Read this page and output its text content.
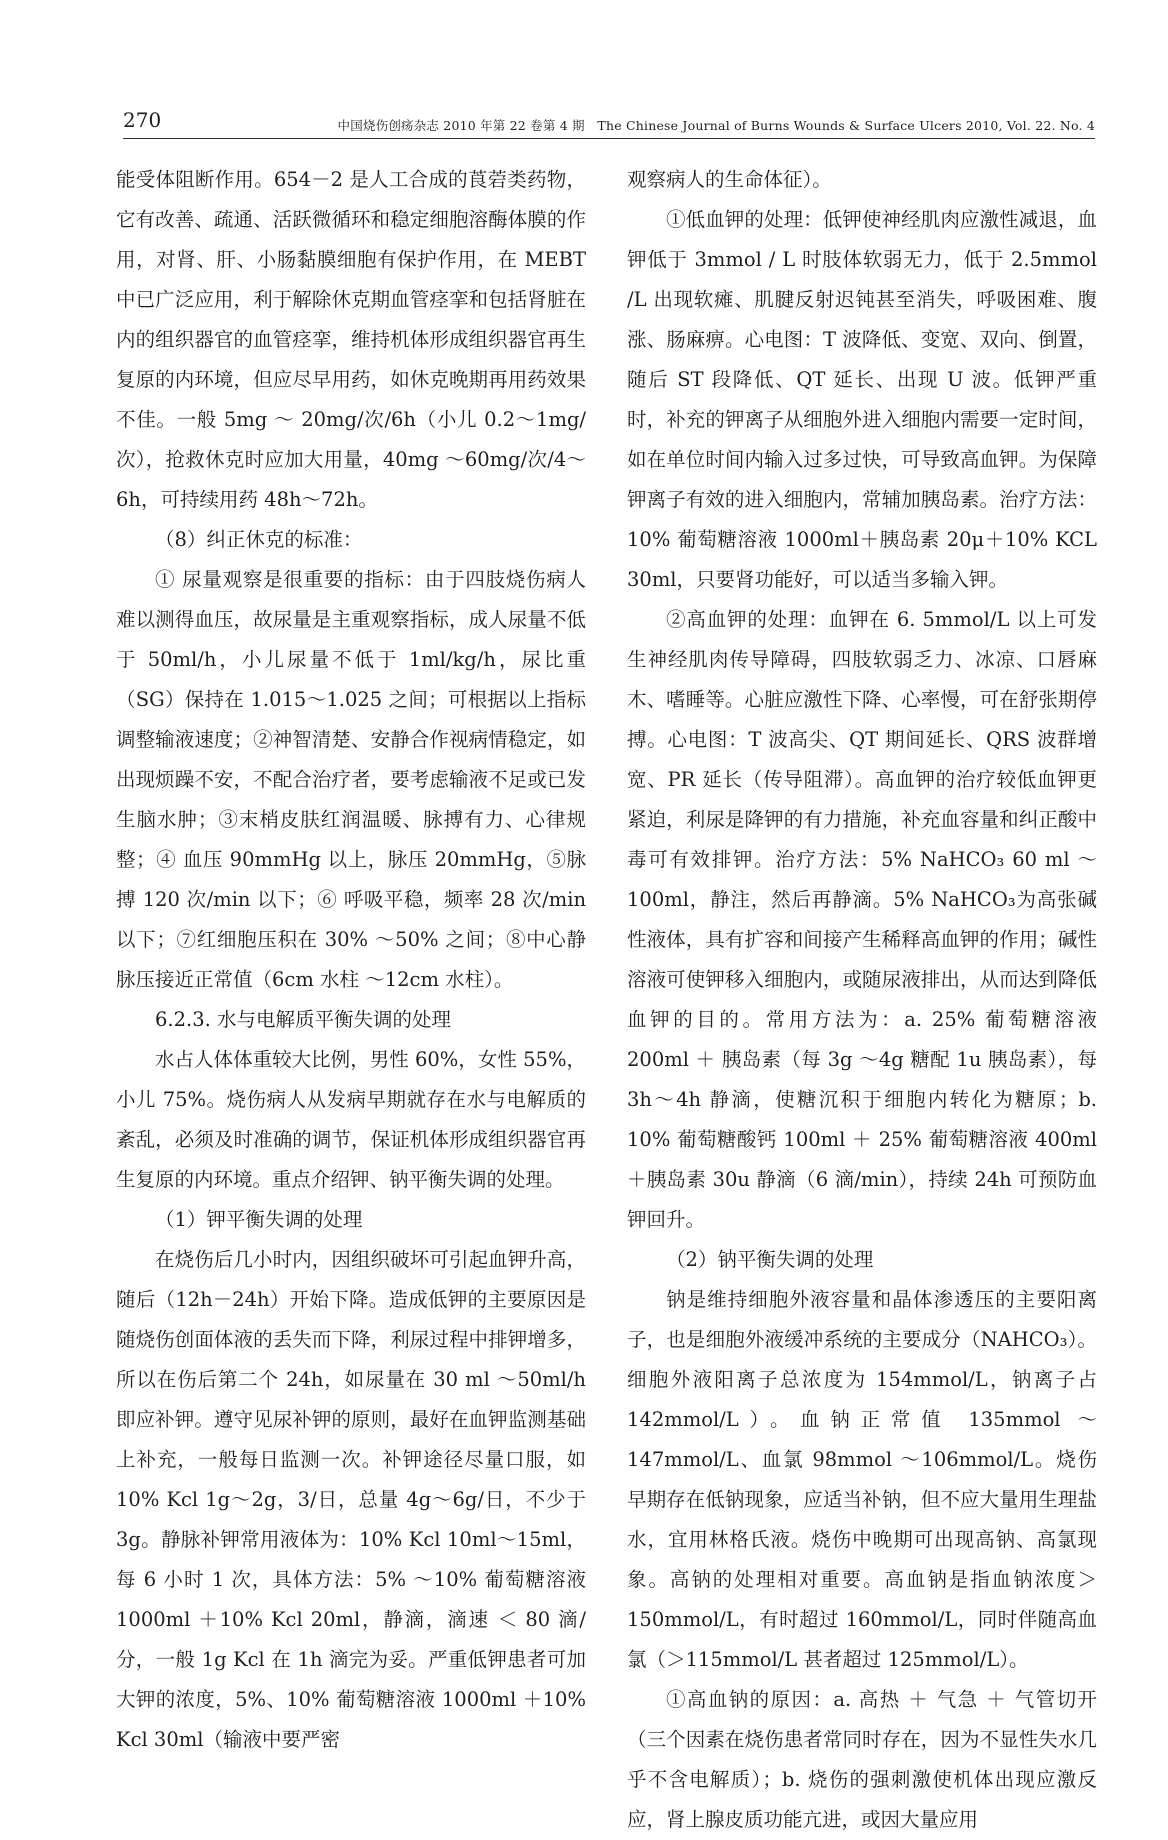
270	中国烧伤创疡杂志 2010 年第 22 卷第 4 期　The Chinese Journal of Burns Wounds & Surface Ulcers 2010, Vol. 22. No. 4

能受体阻断作用。654－2 是人工合成的莨菪类药物，它有改善、疏通、活跃微循环和稳定细胞溶酶体膜的作用，对肾、肝、小肠黏膜细胞有保护作用，在 MEBT 中已广泛应用，利于解除休克期血管痉挛和包括肾脏在内的组织器官的血管痉挛，维持机体形成组织器官再生复原的内环境，但应尽早用药，如休克晚期再用药效果不佳。一般 5mg ～ 20mg/次/6h（小儿 0.2～1mg/次），抢救休克时应加大用量，40mg ～60mg/次/4～6h，可持续用药 48h～72h。

（8）纠正休克的标准：

① 尿量观察是很重要的指标：由于四肢烧伤病人难以测得血压，故尿量是主重观察指标，成人尿量不低于 50ml/h，小儿尿量不低于 1ml/kg/h，尿比重（SG）保持在 1.015～1.025 之间；可根据以上指标调整输液速度；②神智清楚、安静合作视病情稳定，如出现烦躁不安，不配合治疗者，要考虑输液不足或已发生脑水肿；③末梢皮肤红润温暖、脉搏有力、心律规整；④ 血压 90mmHg 以上，脉压 20mmHg，⑤脉搏 120 次/min 以下；⑥ 呼吸平稳，频率 28 次/min 以下；⑦红细胞压积在 30% ～50% 之间；⑧中心静脉压接近正常值（6cm 水柱 ～12cm 水柱）。

6.2.3. 水与电解质平衡失调的处理

水占人体体重较大比例，男性 60%，女性 55%，小儿 75%。烧伤病人从发病早期就存在水与电解质的紊乱，必须及时准确的调节，保证机体形成组织器官再生复原的内环境。重点介绍钾、钠平衡失调的处理。

（1）钾平衡失调的处理

在烧伤后几小时内，因组织破坏可引起血钾升高，随后（12h－24h）开始下降。造成低钾的主要原因是随烧伤创面体液的丢失而下降，利尿过程中排钾增多，所以在伤后第二个 24h，如尿量在 30 ml ～50ml/h 即应补钾。遵守见尿补钾的原则，最好在血钾监测基础上补充，一般每日监测一次。补钾途径尽量口服，如 10% Kcl 1g～2g，3/日，总量 4g～6g/日，不少于 3g。静脉补钾常用液体为：10% Kcl 10ml～15ml，每 6 小时 1 次，具体方法：5% ～10% 葡萄糖溶液 1000ml ＋10% Kcl 20ml，静滴，滴速 ＜ 80 滴/分，一般 1g Kcl 在 1h 滴完为妥。严重低钾患者可加大钾的浓度，5%、10% 葡萄糖溶液 1000ml ＋10% Kcl 30ml（输液中要严密

观察病人的生命体征）。

①低血钾的处理：低钾使神经肌肉应激性减退，血钾低于 3mmol / L 时肢体软弱无力，低于 2.5mmol /L 出现软瘫、肌腱反射迟钝甚至消失，呼吸困难、腹涨、肠麻痹。心电图：T 波降低、变宽、双向、倒置，随后 ST 段降低、QT 延长、出现 U 波。低钾严重时，补充的钾离子从细胞外进入细胞内需要一定时间，如在单位时间内输入过多过快，可导致高血钾。为保障钾离子有效的进入细胞内，常辅加胰岛素。治疗方法：10% 葡萄糖溶液 1000ml＋胰岛素 20μ＋10% KCL 30ml，只要肾功能好，可以适当多输入钾。

②高血钾的处理：血钾在 6. 5mmol/L 以上可发生神经肌肉传导障碍，四肢软弱乏力、冰凉、口唇麻木、嗜睡等。心脏应激性下降、心率慢，可在舒张期停搏。心电图：T 波高尖、QT 期间延长、QRS 波群增宽、PR 延长（传导阻滞）。高血钾的治疗较低血钾更紧迫，利尿是降钾的有力措施，补充血容量和纠正酸中毒可有效排钾。治疗方法：5% NaHCO₃ 60 ml ～100ml，静注，然后再静滴。5% NaHCO₃为高张碱性液体，具有扩容和间接产生稀释高血钾的作用；碱性溶液可使钾移入细胞内，或随尿液排出，从而达到降低血钾的目的。常用方法为：a. 25% 葡萄糖溶液 200ml ＋ 胰岛素（每 3g ～4g 糖配 1u 胰岛素），每 3h～4h 静滴，使糖沉积于细胞内转化为糖原；b. 10% 葡萄糖酸钙 100ml ＋ 25% 葡萄糖溶液 400ml ＋胰岛素 30u 静滴（6 滴/min），持续 24h 可预防血钾回升。

（2）钠平衡失调的处理

钠是维持细胞外液容量和晶体渗透压的主要阳离子，也是细胞外液缓冲系统的主要成分（NAHCO₃）。细胞外液阳离子总浓度为 154mmol/L，钠离子占 142mmol/L）。血钠正常值 135mmol ～ 147mmol/L、血氯 98mmol ～106mmol/L。烧伤早期存在低钠现象，应适当补钠，但不应大量用生理盐水，宜用林格氏液。烧伤中晚期可出现高钠、高氯现象。高钠的处理相对重要。高血钠是指血钠浓度＞150mmol/L，有时超过 160mmol/L，同时伴随高血氯（＞115mmol/L 甚者超过 125mmol/L）。

①高血钠的原因：a. 高热 ＋ 气急 ＋ 气管切开（三个因素在烧伤患者常同时存在，因为不显性失水几乎不含电解质）；b. 烧伤的强刺激使机体出现应激反应，肾上腺皮质功能亢进，或因大量应用
